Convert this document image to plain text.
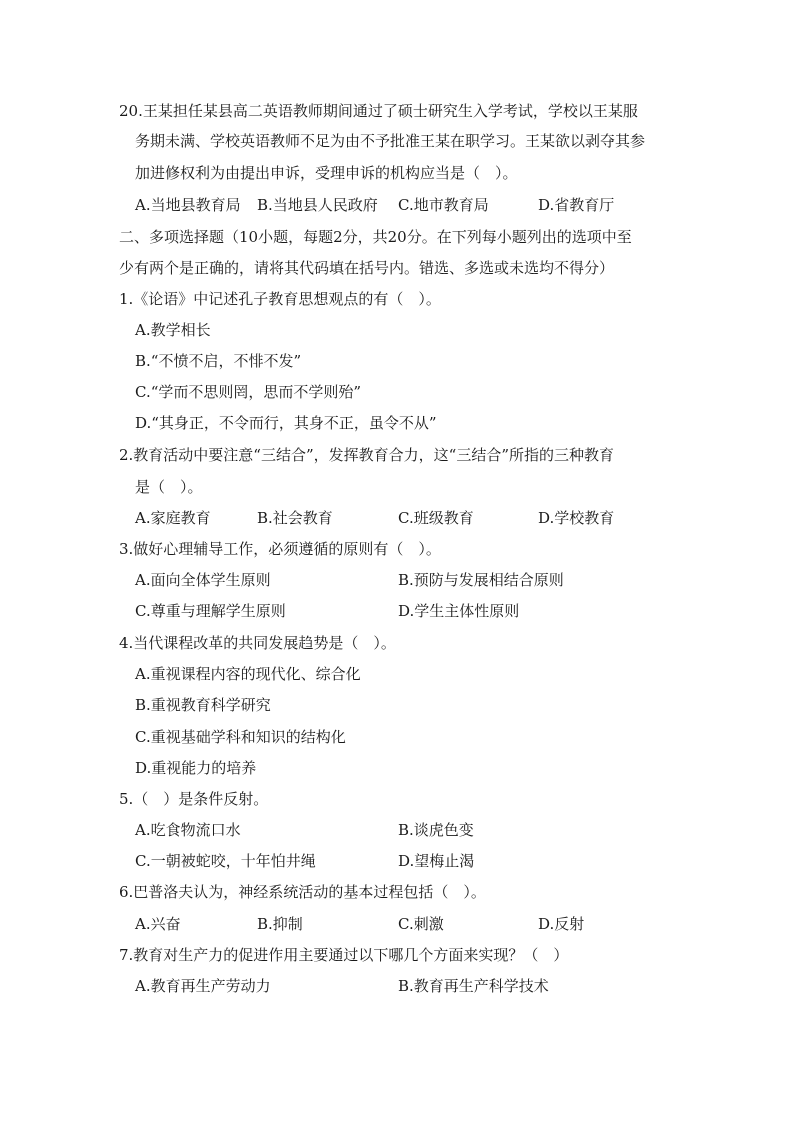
20.王某担任某县高二英语教师期间通过了硕士研究生入学考试，学校以王某服
务期未满、学校英语教师不足为由不予批准王某在职学习。王某欲以剥夺其参
加进修权利为由提出申诉，受理申诉的机构应当是（　）。
A.当地县教育局 B.当地县人民政府 C.地市教育局	D.省教育厅
二、多项选择题（10小题，每题2分，共20分。在下列每小题列出的选项中至
少有两个是正确的，请将其代码填在括号内。错选、多选或未选均不得分）
1.《论语》中记述孔子教育思想观点的有（　）。
A.教学相长
B.“不愤不启，不悱不发”
C.“学而不思则罔，思而不学则殆”
D.“其身正，不令而行，其身不正，虽令不从”
2.教育活动中要注意“三结合”，发挥教育合力，这“三结合”所指的三种教育
是（　）。
A.家庭教育	B.社会教育	C.班级教育	D.学校教育
3.做好心理辅导工作，必须遵循的原则有（　）。
A.面向全体学生原则	B.预防与发展相结合原则
C.尊重与理解学生原则	D.学生主体性原则
4.当代课程改革的共同发展趋势是（　）。
A.重视课程内容的现代化、综合化
B.重视教育科学研究
C.重视基础学科和知识的结构化
D.重视能力的培养
5.（　）是条件反射。
A.吃食物流口水	B.谈虎色变
C.一朝被蛇咬，十年怕井绳	D.望梅止渴
6.巴普洛夫认为，神经系统活动的基本过程包括（　）。
A.兴奋	B.抑制	C.刺激	D.反射
7.教育对生产力的促进作用主要通过以下哪几个方面来实现？（　）
A.教育再生产劳动力	B.教育再生产科学技术
